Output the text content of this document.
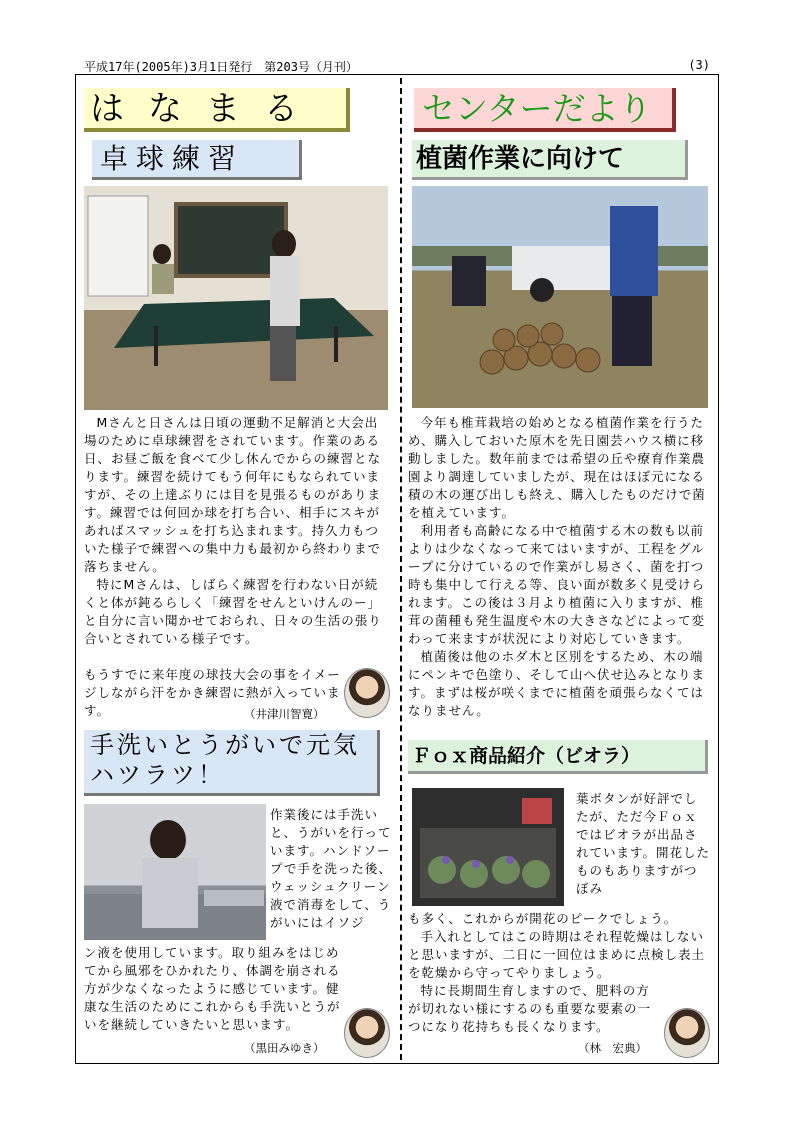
平成17年(2005年)3月1日発行　第203号（月刊）	(3)
はなまる
卓球練習

Mさんと日さんは日頃の運動不足解消と大会出場のために卓球練習をされています。作業のある日、お昼ご飯を食べて少し休んでからの練習となります。練習を続けてもう何年にもなられていますが、その上達ぶりには目を見張るものがあります。練習では何回か球を打ち合い、相手にスキがあればスマッシュを打ち込まれます。持久力もついた様子で練習への集中力も最初から終わりまで落ちません。

特にMさんは、しばらく練習を行わない日が続くと体が鈍るらしく「練習をせんといけんのー」と自分に言い聞かせておられ、日々の生活の張り合いとされている様子です。

もうすでに来年度の球技大会の事をイメージしながら汗をかき練習に熱が入っています。	（井津川智寛）
手洗いとうがいで元気ハツラツ！
作業後には手洗いと、うがいを行っています。ハンドソープで手を洗った後、ウェッシュクリーン液で消毒をして、うがいにはイソジ
ン液を使用しています。取り組みをはじめてから風邪をひかれたり、体調を崩される方が少なくなったように感じています。健康な生活のためにこれからも手洗いとうがいを継続していきたいと思います。
（黒田みゆき）
センターだより
植菌作業に向けて

今年も椎茸栽培の始めとなる植菌作業を行うため、購入しておいた原木を先日園芸ハウス横に移動しました。数年前までは希望の丘や療育作業農園より調達していましたが、現在はほぼ元になる積の木の運び出しも終え、購入したものだけで菌を植えています。

利用者も高齢になる中で植菌する木の数も以前よりは少なくなって来てはいますが、工程をグループに分けているので作業がし易さく、菌を打つ時も集中して行える等、良い面が数多く見受けられます。この後は３月より植菌に入りますが、椎茸の菌種も発生温度や木の大きさなどによって変わって来ますが状況により対応していきます。

植菌後は他のホダ木と区別をするため、木の端にペンキで色塗り、そして山へ伏せ込みとなります。まずは桜が咲くまでに植菌を頑張らなくてはなりません。

Ｆｏｘ商品紹介（ビオラ）
葉ボタンが好評でしたが、ただ今Ｆｏｘではビオラが出品されています。開花したものもありますがつぼみ

も多く、これからが開花のピークでしょう。

手入れとしてはこの時期はそれ程乾燥はしないと思いますが、二日に一回位はまめに点検し表土を乾燥から守ってやりましょう。

特に長期間生育しますので、肥料の方が切れない様にするのも重要な要素の一つになり花持ちも長くなります。

（林　宏典）
